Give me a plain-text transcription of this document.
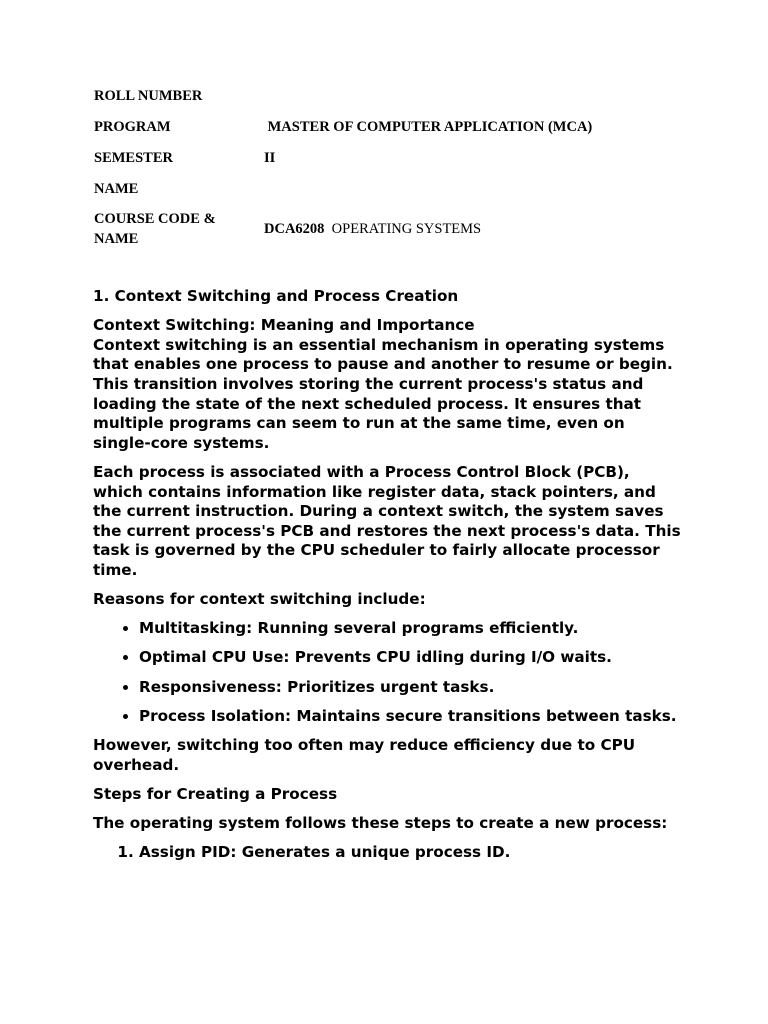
ROLL NUMBER
PROGRAM	MASTER OF COMPUTER APPLICATION (MCA)
SEMESTER	II
NAME
COURSE CODE &
NAME
DCA6208 OPERATING SYSTEMS

1. Context Switching and Process Creation

Context Switching: Meaning and Importance
Context switching is an essential mechanism in operating systems that enables one process to pause and another to resume or begin. This transition involves storing the current process's status and loading the state of the next scheduled process. It ensures that multiple programs can seem to run at the same time, even on single-core systems.

Each process is associated with a Process Control Block (PCB), which contains information like register data, stack pointers, and the current instruction. During a context switch, the system saves the current process's PCB and restores the next process's data. This task is governed by the CPU scheduler to fairly allocate processor time.

Reasons for context switching include:

• Multitasking: Running several programs efficiently.
• Optimal CPU Use: Prevents CPU idling during I/O waits.
• Responsiveness: Prioritizes urgent tasks.
• Process Isolation: Maintains secure transitions between tasks.

However, switching too often may reduce efficiency due to CPU overhead.

Steps for Creating a Process

The operating system follows these steps to create a new process:

1. Assign PID: Generates a unique process ID.
